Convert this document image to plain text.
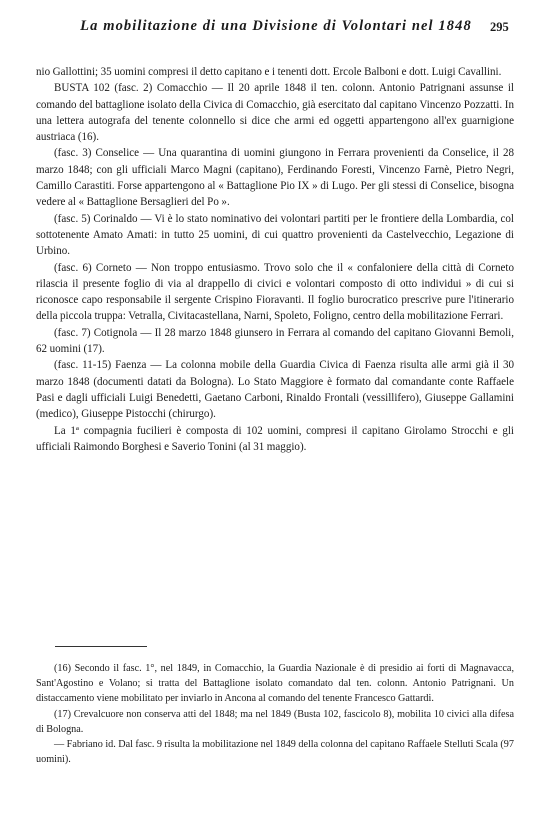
La mobilitazione di una Divisione di Volontari nel 1848	295

nio Gallottini; 35 uomini compresi il detto capitano e i tenenti dott. Ercole Balboni e dott. Luigi Cavallini.

BUSTA 102 (fasc. 2) Comacchio — Il 20 aprile 1848 il ten. colonn. Antonio Patrignani assunse il comando del battaglione isolato della Civica di Comacchio, già esercitato dal capitano Vincenzo Pozzatti. In una lettera autografa del tenente colonnello si dice che armi ed oggetti appartengono all'ex guarnigione austriaca (16).

(fasc. 3) Conselice — Una quarantina di uomini giungono in Ferrara provenienti da Conselice, il 28 marzo 1848; con gli ufficiali Marco Magni (capitano), Ferdinando Foresti, Vincenzo Farnè, Pietro Negri, Camillo Carastiti. Forse appartengono al « Battaglione Pio IX » di Lugo. Per gli stessi di Conselice, bisogna vedere al « Battaglione Bersaglieri del Po ».

(fasc. 5) Corinaldo — Vi è lo stato nominativo dei volontari partiti per le frontiere della Lombardia, col sottotenente Amato Amati: in tutto 25 uomini, di cui quattro provenienti da Castelvecchio, Legazione di Urbino.

(fasc. 6) Corneto — Non troppo entusiasmo. Trovo solo che il « confaloniere della città di Corneto rilascia il presente foglio di via al drappello di civici e volontari composto di otto individui » di cui si riconosce capo responsabile il sergente Crispino Fioravanti. Il foglio burocratico prescrive pure l'itinerario della piccola truppa: Vetralla, Civitacastellana, Narni, Spoleto, Foligno, centro della mobilitazione Ferrari.

(fasc. 7) Cotignola — Il 28 marzo 1848 giunsero in Ferrara al comando del capitano Giovanni Bemoli, 62 uomini (17).

(fasc. 11-15) Faenza — La colonna mobile della Guardia Civica di Faenza risulta alle armi già il 30 marzo 1848 (documenti datati da Bologna). Lo Stato Maggiore è formato dal comandante conte Raffaele Pasi e dagli ufficiali Luigi Benedetti, Gaetano Carboni, Rinaldo Frontali (vessillifero), Giuseppe Gallamini (medico), Giuseppe Pistocchi (chirurgo).

La 1ª compagnia fucilieri è composta di 102 uomini, compresi il capitano Girolamo Strocchi e gli ufficiali Raimondo Borghesi e Saverio Tonini (al 31 maggio).

(16) Secondo il fasc. 1°, nel 1849, in Comacchio, la Guardia Nazionale è di presidio ai forti di Magnavacca, Sant'Agostino e Volano; si tratta del Battaglione isolato comandato dal ten. colonn. Antonio Patrignani. Un distaccamento viene mobilitato per inviarlo in Ancona al comando del tenente Francesco Gattardi.

(17) Crevalcuore non conserva atti del 1848; ma nel 1849 (Busta 102, fascicolo 8), mobilita 10 civici alla difesa di Bologna.

— Fabriano id. Dal fasc. 9 risulta la mobilitazione nel 1849 della colonna del capitano Raffaele Stelluti Scala (97 uomini).
